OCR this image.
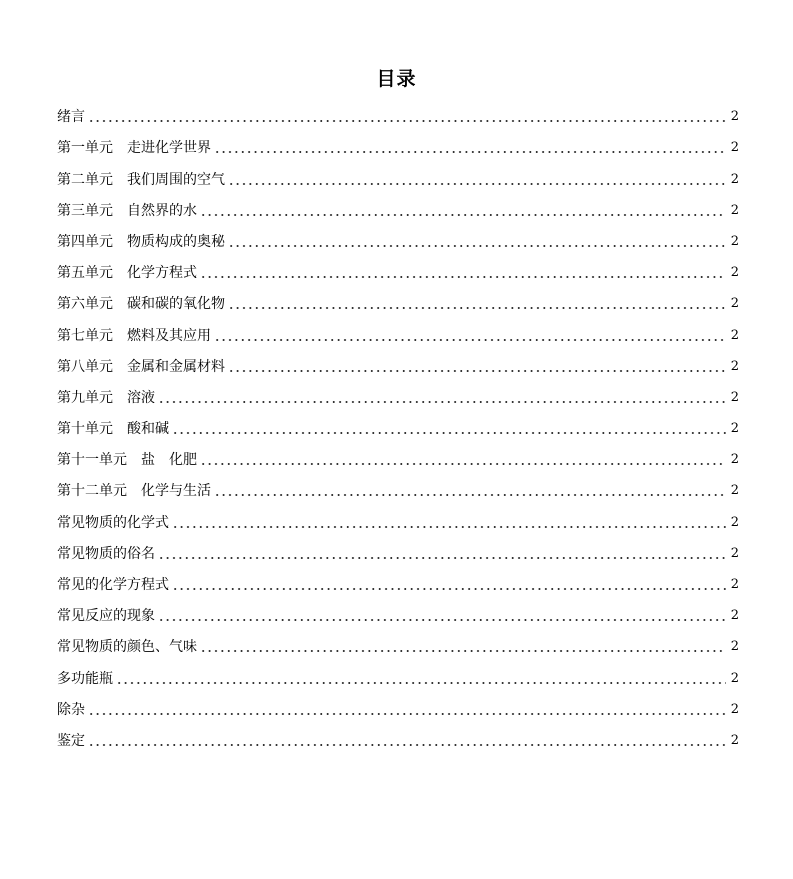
目录
绪言	2
第一单元　走进化学世界	2
第二单元　我们周围的空气	2
第三单元　自然界的水	2
第四单元　物质构成的奥秘	2
第五单元　化学方程式	2
第六单元　碳和碳的氧化物	2
第七单元　燃料及其应用	2
第八单元　金属和金属材料	2
第九单元　溶液	2
第十单元　酸和碱	2
第十一单元　盐　化肥	2
第十二单元　化学与生活	2
常见物质的化学式	2
常见物质的俗名	2
常见的化学方程式	2
常见反应的现象	2
常见物质的颜色、气味	2
多功能瓶	2
除杂	2
鉴定	2
